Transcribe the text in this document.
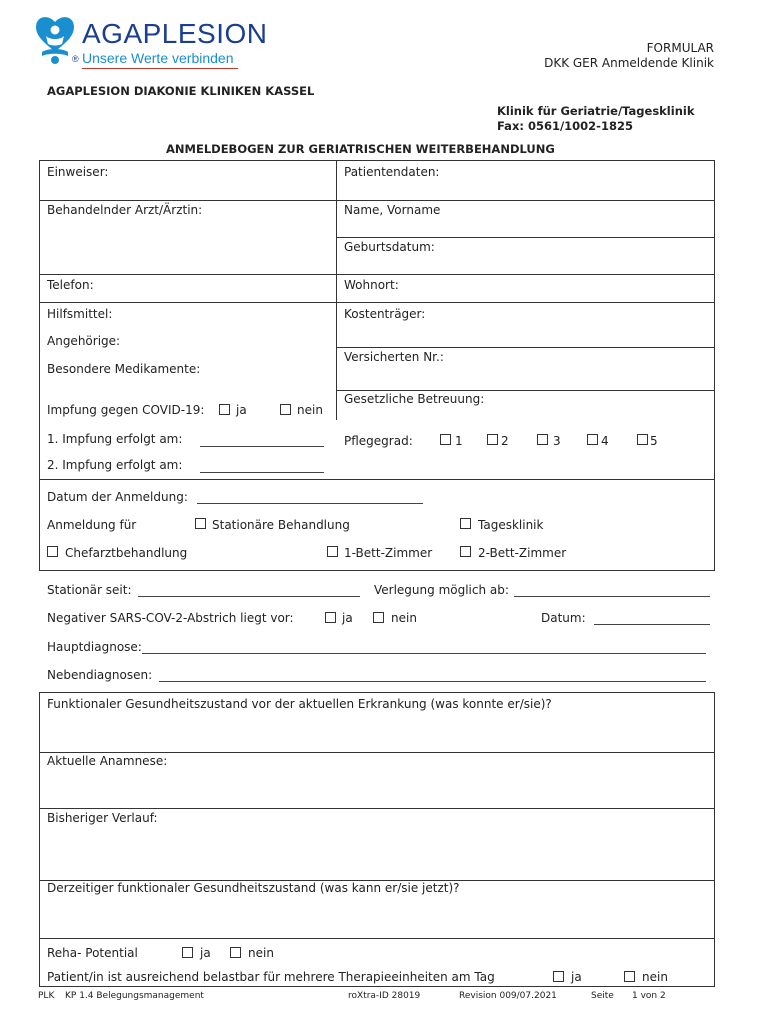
AGAPLESION
® Unsere Werte verbinden
FORMULAR
DKK GER Anmeldende Klinik
AGAPLESION DIAKONIE KLINIKEN KASSEL
Klinik für Geriatrie/Tagesklinik
Fax: 0561/1002-1825
ANMELDEBOGEN ZUR GERIATRISCHEN WEITERBEHANDLUNG
Einweiser:	Patientendaten:
Behandelnder Arzt/Ärztin:	Name, Vorname
Geburtsdatum:
Telefon:	Wohnort:
Hilfsmittel:	Kostenträger:
Angehörige:
Versicherten Nr.:
Besondere Medikamente:
Gesetzliche Betreuung:
Impfung gegen COVID-19:	ja	nein
1. Impfung erfolgt am:
2. Impfung erfolgt am:
Pflegegrad:	1	2	3	4	5
Datum der Anmeldung:
Anmeldung für	Stationäre Behandlung	Tagesklinik
Chefarztbehandlung	1-Bett-Zimmer	2-Bett-Zimmer
Stationär seit:	Verlegung möglich ab:
Negativer SARS-COV-2-Abstrich liegt vor:	ja	nein	Datum:
Hauptdiagnose:
Nebendiagnosen:
Funktionaler Gesundheitszustand vor der aktuellen Erkrankung (was konnte er/sie)?
Aktuelle Anamnese:
Bisheriger Verlauf:
Derzeitiger funktionaler Gesundheitszustand (was kann er/sie jetzt)?
Reha- Potential	ja	nein
Patient/in ist ausreichend belastbar für mehrere Therapieeinheiten am Tag	ja	nein
PLK KP 1.4 Belegungsmanagement	roXtra-ID 28019	Revision 009/07.2021	Seite 1 von 2
